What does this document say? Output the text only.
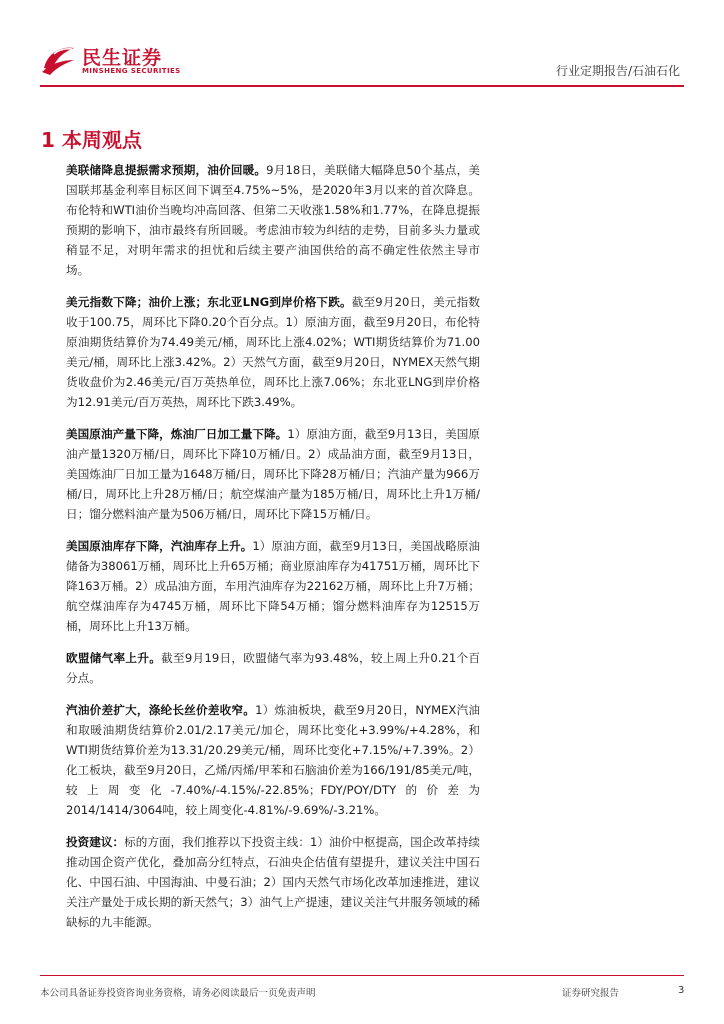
民生证券
MINSHENG SECURITIES	行业定期报告/石油石化
1 本周观点

美联储降息提振需求预期，油价回暖。9月18日，美联储大幅降息50个基点，美国联邦基金利率目标区间下调至4.75%~5%，是2020年3月以来的首次降息。布伦特和WTI油价当晚均冲高回落、但第二天收涨1.58%和1.77%，在降息提振预期的影响下，油市最终有所回暖。考虑油市较为纠结的走势，目前多头力量或稍显不足，对明年需求的担忧和后续主要产油国供给的高不确定性依然主导市场。

美元指数下降；油价上涨；东北亚LNG到岸价格下跌。截至9月20日，美元指数收于100.75，周环比下降0.20个百分点。1）原油方面，截至9月20日，布伦特原油期货结算价为74.49美元/桶，周环比上涨4.02%；WTI期货结算价为71.00美元/桶，周环比上涨3.42%。2）天然气方面，截至9月20日，NYMEX天然气期货收盘价为2.46美元/百万英热单位，周环比上涨7.06%；东北亚LNG到岸价格为12.91美元/百万英热，周环比下跌3.49%。

美国原油产量下降，炼油厂日加工量下降。1）原油方面，截至9月13日，美国原油产量1320万桶/日，周环比下降10万桶/日。2）成品油方面，截至9月13日，美国炼油厂日加工量为1648万桶/日，周环比下降28万桶/日；汽油产量为966万桶/日，周环比上升28万桶/日；航空煤油产量为185万桶/日，周环比上升1万桶/日；馏分燃料油产量为506万桶/日，周环比下降15万桶/日。

美国原油库存下降，汽油库存上升。1）原油方面，截至9月13日，美国战略原油储备为38061万桶，周环比上升65万桶；商业原油库存为41751万桶，周环比下降163万桶。2）成品油方面，车用汽油库存为22162万桶，周环比上升7万桶；航空煤油库存为4745万桶，周环比下降54万桶；馏分燃料油库存为12515万桶，周环比上升13万桶。

欧盟储气率上升。截至9月19日，欧盟储气率为93.48%，较上周上升0.21个百分点。

汽油价差扩大，涤纶长丝价差收窄。1）炼油板块，截至9月20日，NYMEX汽油和取暖油期货结算价2.01/2.17美元/加仑，周环比变化+3.99%/+4.28%，和WTI期货结算价差为13.31/20.29美元/桶，周环比变化+7.15%/+7.39%。2）化工板块，截至9月20日，乙烯/丙烯/甲苯和石脑油价差为166/191/85美元/吨，较上周变化-7.40%/-4.15%/-22.85%；FDY/POY/DTY的价差为2014/1414/3064吨，较上周变化-4.81%/-9.69%/-3.21%。

投资建议：标的方面，我们推荐以下投资主线：1）油价中枢提高，国企改革持续推动国企资产优化，叠加高分红特点，石油央企估值有望提升，建议关注中国石化、中国石油、中国海油、中曼石油；2）国内天然气市场化改革加速推进，建议关注产量处于成长期的新天然气；3）油气上产提速，建议关注气井服务领域的稀缺标的九丰能源。

本公司具备证券投资咨询业务资格，请务必阅读最后一页免责声明	证券研究报告	3
